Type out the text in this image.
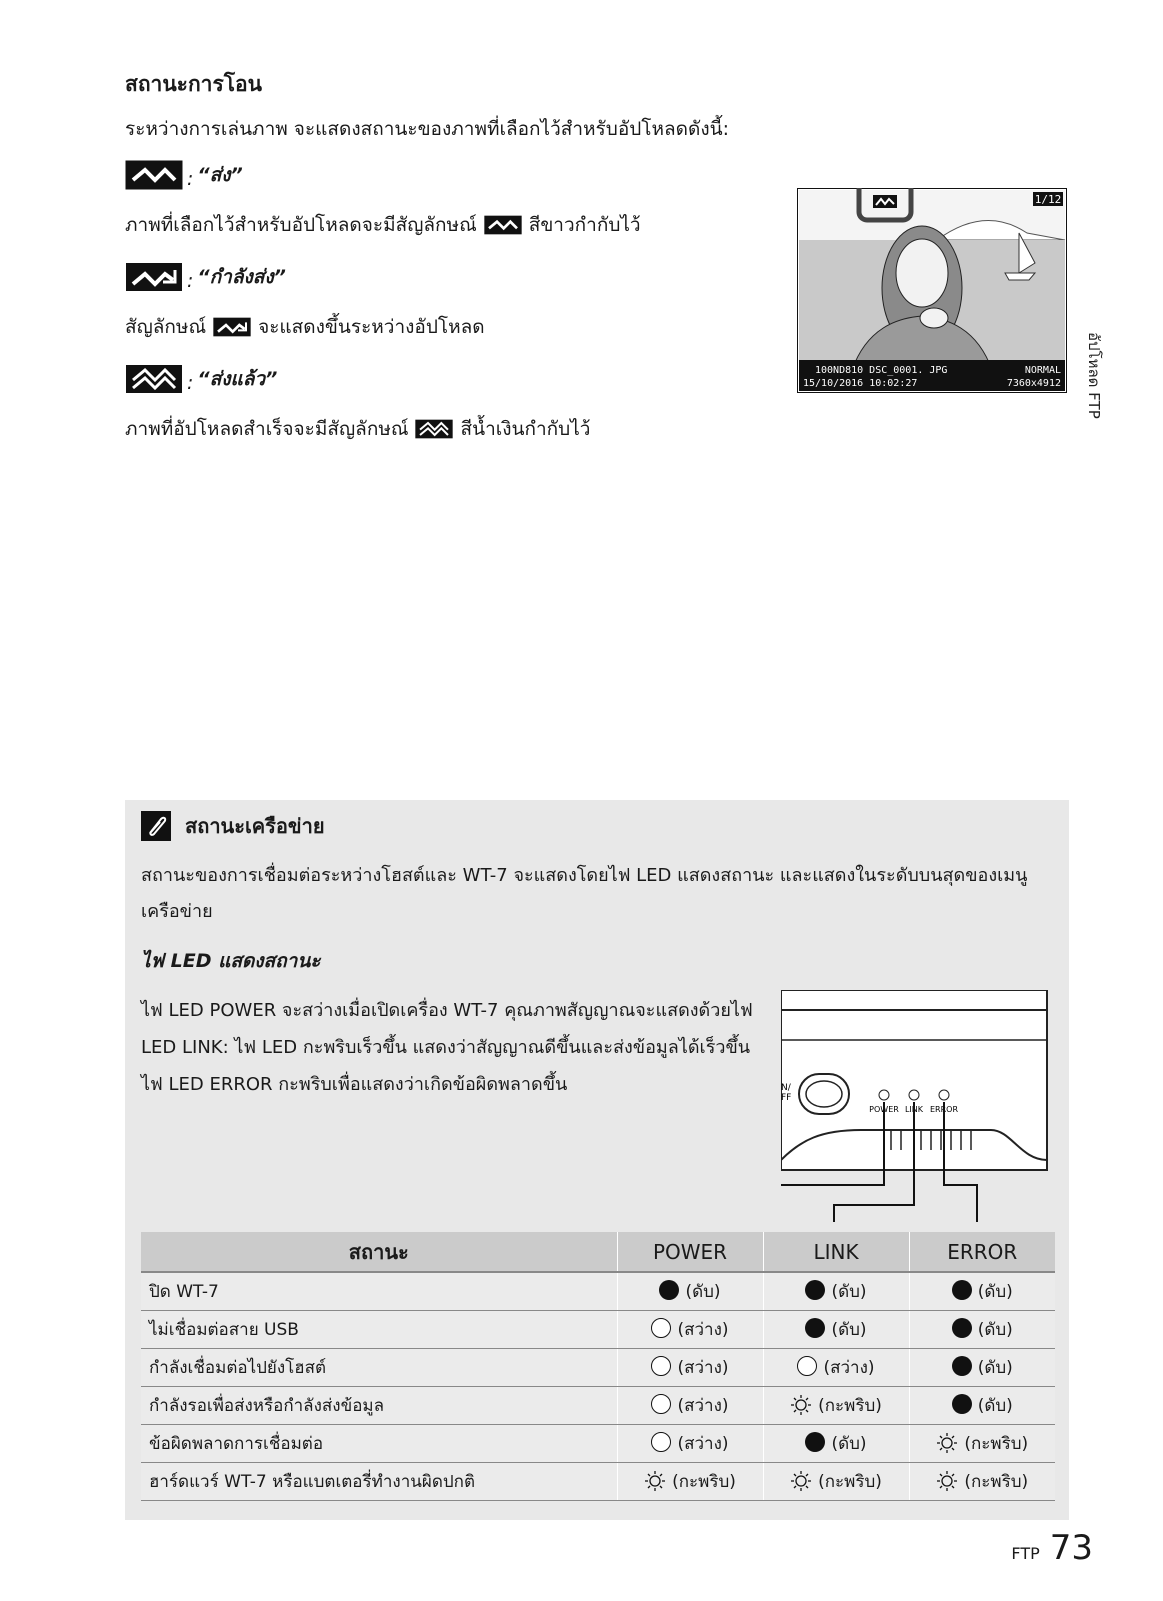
สถานะการโอน
ระหว่างการเล่นภาพ จะแสดงสถานะของภาพที่เลือกไว้สำหรับอัปโหลดดังนี้:
: “ส่ง”
ภาพที่เลือกไว้สำหรับอัปโหลดจะมีสัญลักษณ์	สีขาวกำกับไว้
: “กำลังส่ง”
สัญลักษณ์	จะแสดงขึ้นระหว่างอัปโหลด
: “ส่งแล้ว”
ภาพที่อัปโหลดสำเร็จจะมีสัญลักษณ์	สีน้ำเงินกำกับไว้
1/12
100ND810 DSC_0001. JPG	NORMAL
15/10/2016 10:02:27	7360x4912 อัปโหลด FTP
สถานะเครือข่าย
สถานะของการเชื่อมต่อระหว่างโฮสต์และ WT-7 จะแสดงโดยไฟ LED แสดงสถานะ และแสดงในระดับบนสุดของเมนูเครือข่าย
ไฟ LED แสดงสถานะ
ไฟ LED POWER จะสว่างเมื่อเปิดเครื่อง WT-7 คุณภาพสัญญาณจะแสดงด้วยไฟ LED LINK: ไฟ LED กะพริบเร็วขึ้น แสดงว่าสัญญาณดีขึ้นและส่งข้อมูลได้เร็วขึ้น ไฟ LED ERROR กะพริบเพื่อแสดงว่าเกิดข้อผิดพลาดขึ้น	N/
FF
POWER LINK ERROR
สถานะ	POWER	LINK	ERROR
ปิด WT-7	(ดับ)	(ดับ)	(ดับ)
ไม่เชื่อมต่อสาย USB	(สว่าง)	(ดับ)	(ดับ)
กำลังเชื่อมต่อไปยังโฮสต์	(สว่าง)	(สว่าง)	(ดับ)
กำลังรอเพื่อส่งหรือกำลังส่งข้อมูล	(สว่าง)	(กะพริบ)	(ดับ)
ข้อผิดพลาดการเชื่อมต่อ	(สว่าง)	(ดับ)	(กะพริบ)
ฮาร์ดแวร์ WT-7 หรือแบตเตอรี่ทำงานผิดปกติ	(กะพริบ)	(กะพริบ)	(กะพริบ)
FTP 73
